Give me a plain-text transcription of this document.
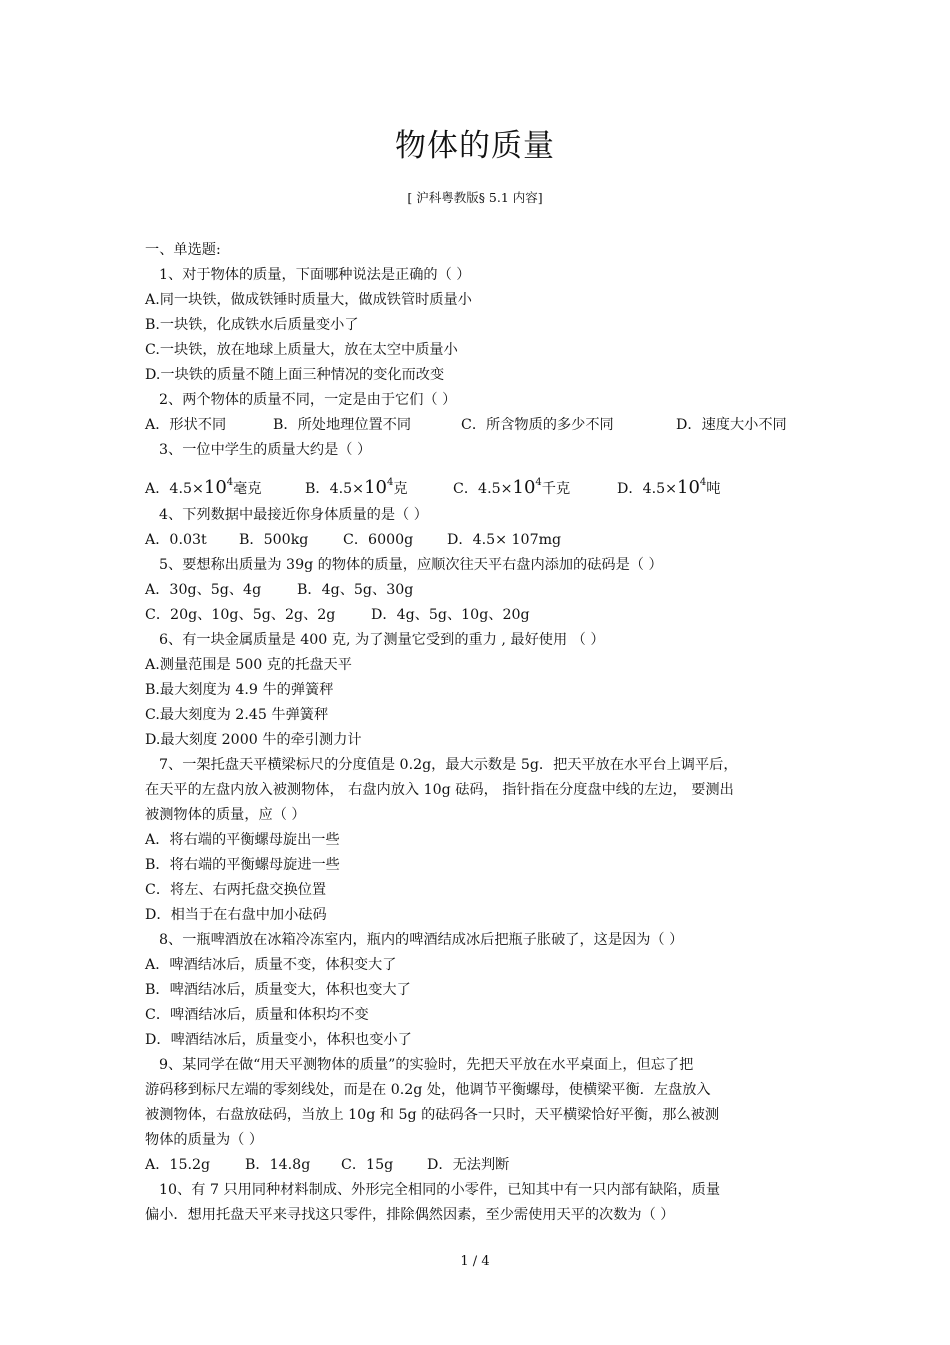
物体的质量
[ 沪科粤教版§ 5.1 内容]
一、单选题:
1、对于物体的质量，下面哪种说法是正确的（ ）
A.同一块铁，做成铁锤时质量大，做成铁管时质量小
B.一块铁，化成铁水后质量变小了
C.一块铁，放在地球上质量大，放在太空中质量小
D.一块铁的质量不随上面三种情况的变化而改变
2、两个物体的质量不同，一定是由于它们（ ）
A．形状不同	B．所处地理位置不同	C．所含物质的多少不同	D．速度大小不同
3、一位中学生的质量大约是（ ）
A．$4.5\times 10^4$毫克	B．$4.5\times 10^4$克	C．$4.5\times 10^4$千克	D．$4.5\times 10^4$吨
4、下列数据中最接近你身体质量的是（ ）
A．0.03t B．500kg C．6000g D．4.5× 107mg
5、要想称出质量为 39g 的物体的质量，应顺次往天平右盘内添加的砝码是（ ）
A．30g、5g、4g	B．4g、5g、30g
C．20g、10g、5g、2g、2g	D．4g、5g、10g、20g
6、有一块金属质量是 400 克, 为了测量它受到的重力 , 最好使用 （ ）
A.测量范围是 500 克的托盘天平
B.最大刻度为 4.9 牛的弹簧秤
C.最大刻度为 2.45 牛弹簧秤
D.最大刻度 2000 牛的牵引测力计
7、一架托盘天平横梁标尺的分度值是 0.2g，最大示数是 5g．把天平放在水平台上调平后，
在天平的左盘内放入被测物体， 右盘内放入 10g 砝码， 指针指在分度盘中线的左边， 要测出
被测物体的质量，应（ ）
A．将右端的平衡螺母旋出一些
B．将右端的平衡螺母旋进一些
C．将左、右两托盘交换位置
D．相当于在右盘中加小砝码
8、一瓶啤酒放在冰箱冷冻室内，瓶内的啤酒结成冰后把瓶子胀破了，这是因为（ ）
A．啤酒结冰后，质量不变，体积变大了
B．啤酒结冰后，质量变大，体积也变大了
C．啤酒结冰后，质量和体积均不变
D．啤酒结冰后，质量变小，体积也变小了
9、某同学在做“用天平测物体的质量”的实验时，先把天平放在水平桌面上，但忘了把
游码移到标尺左端的零刻线处，而是在 0.2g 处，他调节平衡螺母，使横梁平衡．左盘放入
被测物体，右盘放砝码，当放上 10g 和 5g 的砝码各一只时，天平横梁恰好平衡，那么被测
物体的质量为（ ）
A．15.2g B．14.8g C．15g D．无法判断
10、有 7 只用同种材料制成、外形完全相同的小零件，已知其中有一只内部有缺陷，质量
偏小．想用托盘天平来寻找这只零件，排除偶然因素，至少需使用天平的次数为（ ）
1 / 4
